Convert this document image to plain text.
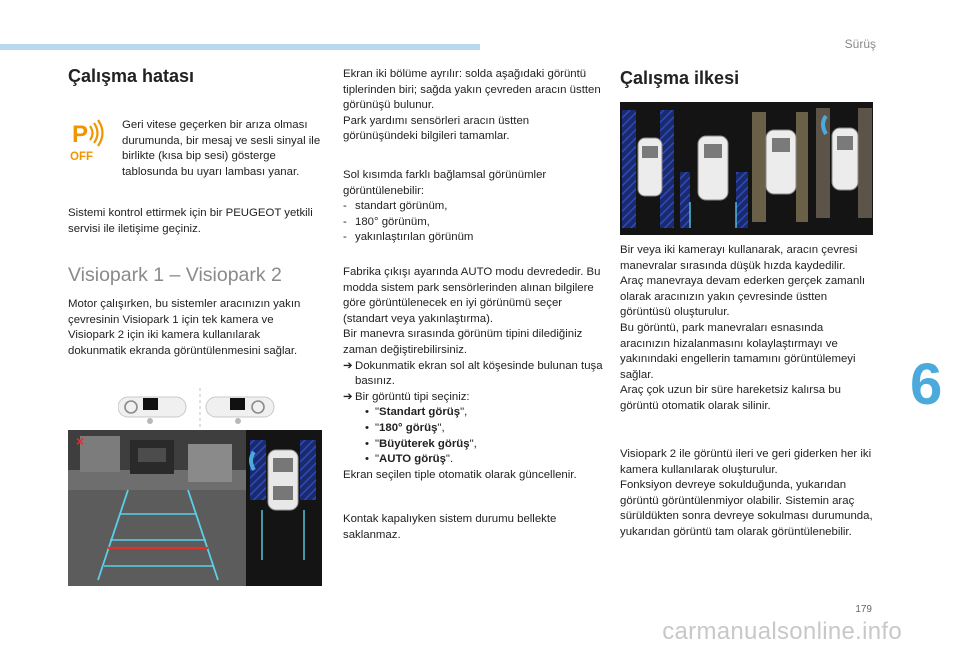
Sürüş
6
Çalışma hatası
P
OFF
Geri vitese geçerken bir arıza olması durumunda, bir mesaj ve sesli sinyal ile birlikte (kısa bip sesi) gösterge tablosunda bu uyarı lambası yanar.
Sistemi kontrol ettirmek için bir PEUGEOT yetkili servisi ile iletişime geçiniz.
Visiopark 1 – Visiopark 2
Motor çalışırken, bu sistemler aracınızın yakın çevresinin Visiopark 1 için tek kamera ve Visiopark 2 için iki kamera kullanılarak dokunmatik ekranda görüntülenmesini sağlar.
×

Ekran iki bölüme ayrılır: solda aşağıdaki görüntü tiplerinden biri; sağda yakın çevreden aracın üstten görünüşü bulunur.

Park yardımı sensörleri aracın üstten görünüşündeki bilgileri tamamlar.

Sol kısımda farklı bağlamsal görünümler görüntülenebilir:

- standart görünüm,
- 180° görünüm,
- yakınlaştırılan görünüm

Fabrika çıkışı ayarında AUTO modu devrededir. Bu modda sistem park sensörlerinden alınan bilgilere göre görüntülenecek en iyi görünümü seçer (standart veya yakınlaştırma).

Bir manevra sırasında görünüm tipini dilediğiniz zaman değiştirebilirsiniz.

➔ Dokunmatik ekran sol alt köşesinde bulunan tuşa basınız.
➔ Bir görüntü tipi seçiniz:
• "Standart görüş",
• "180° görüş",
• "Büyüterek görüş",
• "AUTO görüş".

Ekran seçilen tiple otomatik olarak güncellenir.

Kontak kapalıyken sistem durumu bellekte saklanmaz.
Çalışma ilkesi

Bir veya iki kamerayı kullanarak, aracın çevresi manevralar sırasında düşük hızda kaydedilir.

Araç manevraya devam ederken gerçek zamanlı olarak aracınızın yakın çevresinde üstten görüntüsü oluşturulur.

Bu görüntü, park manevraları esnasında aracınızın hizalanmasını kolaylaştırmayı ve yakınındaki engellerin tamamını görüntülemeyi sağlar.

Araç çok uzun bir süre hareketsiz kalırsa bu görüntü otomatik olarak silinir.

Visiopark 2 ile görüntü ileri ve geri giderken her iki kamera kullanılarak oluşturulur.

Fonksiyon devreye sokulduğunda, yukarıdan görüntü görüntülenmiyor olabilir. Sistemin araç sürüldükten sonra devreye sokulması durumunda, yukarıdan görüntü tam olarak görüntülenebilir.

179
carmanualsonline.info
